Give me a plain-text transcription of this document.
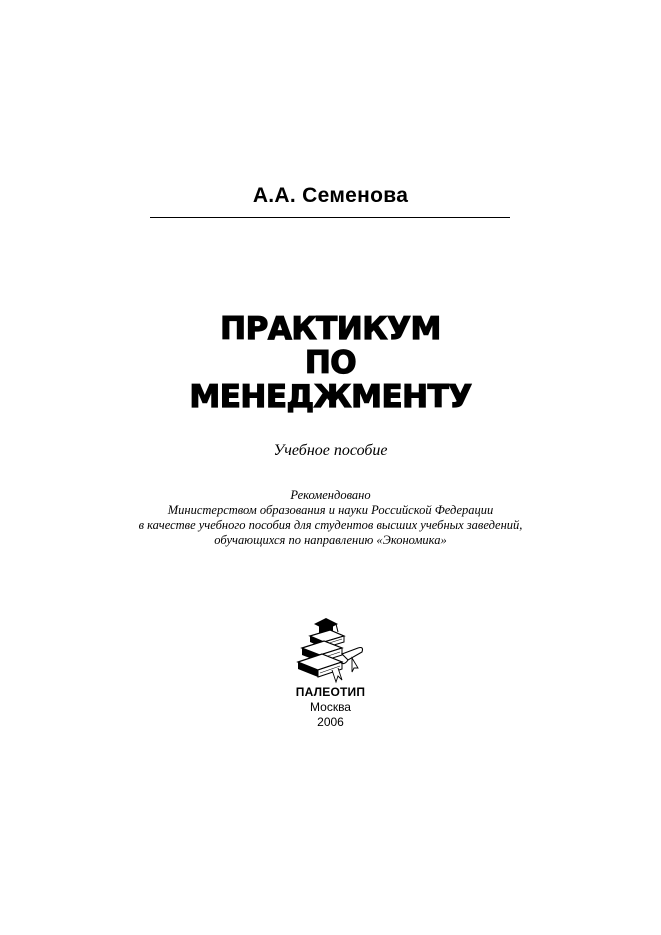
А.А. Семенова
ПРАКТИКУМ
ПО
МЕНЕДЖМЕНТУ
Учебное пособие
Рекомендовано
Министерством образования и науки Российской Федерации
в качестве учебного пособия для студентов высших учебных заведений,
обучающихся по направлению «Экономика»
ПАЛЕОТИП
Москва
2006
